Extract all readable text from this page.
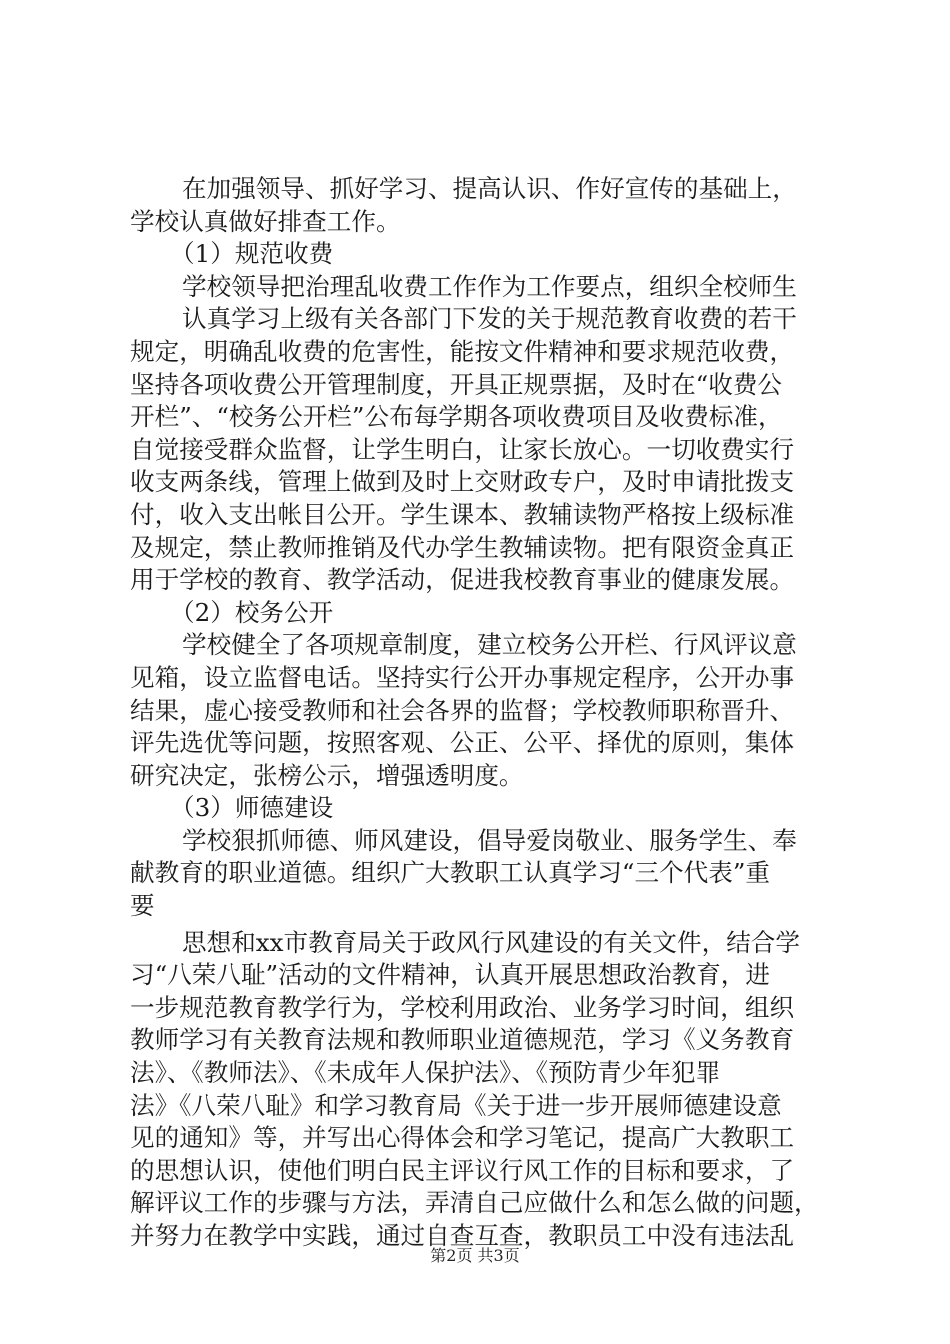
在加强领导、抓好学习、提高认识、作好宣传的基础上，
学校认真做好排查工作。
（1）规范收费
学校领导把治理乱收费工作作为工作要点，组织全校师生
认真学习上级有关各部门下发的关于规范教育收费的若干
规定，明确乱收费的危害性，能按文件精神和要求规范收费，
坚持各项收费公开管理制度，开具正规票据，及时在“收费公
开栏”、“校务公开栏”公布每学期各项收费项目及收费标准，
自觉接受群众监督，让学生明白，让家长放心。一切收费实行
收支两条线，管理上做到及时上交财政专户，及时申请批拨支
付，收入支出帐目公开。学生课本、教辅读物严格按上级标准
及规定，禁止教师推销及代办学生教辅读物。把有限资金真正
用于学校的教育、教学活动，促进我校教育事业的健康发展。
（2）校务公开
学校健全了各项规章制度，建立校务公开栏、行风评议意
见箱，设立监督电话。坚持实行公开办事规定程序，公开办事
结果，虚心接受教师和社会各界的监督；学校教师职称晋升、
评先选优等问题，按照客观、公正、公平、择优的原则，集体
研究决定，张榜公示，增强透明度。
（3）师德建设
学校狠抓师德、师风建设，倡导爱岗敬业、服务学生、奉
献教育的职业道德。组织广大教职工认真学习“三个代表”重
要
思想和xx市教育局关于政风行风建设的有关文件，结合学
习“八荣八耻”活动的文件精神，认真开展思想政治教育，进
一步规范教育教学行为，学校利用政治、业务学习时间，组织
教师学习有关教育法规和教师职业道德规范，学习《义务教育
法》、《教师法》、《未成年人保护法》、《预防青少年犯罪
法》《八荣八耻》和学习教育局《关于进一步开展师德建设意
见的通知》等，并写出心得体会和学习笔记，提高广大教职工
的思想认识，使他们明白民主评议行风工作的目标和要求，了
解评议工作的步骤与方法，弄清自己应做什么和怎么做的问题，
并努力在教学中实践，通过自查互查，教职员工中没有违法乱
第2页 共3页
